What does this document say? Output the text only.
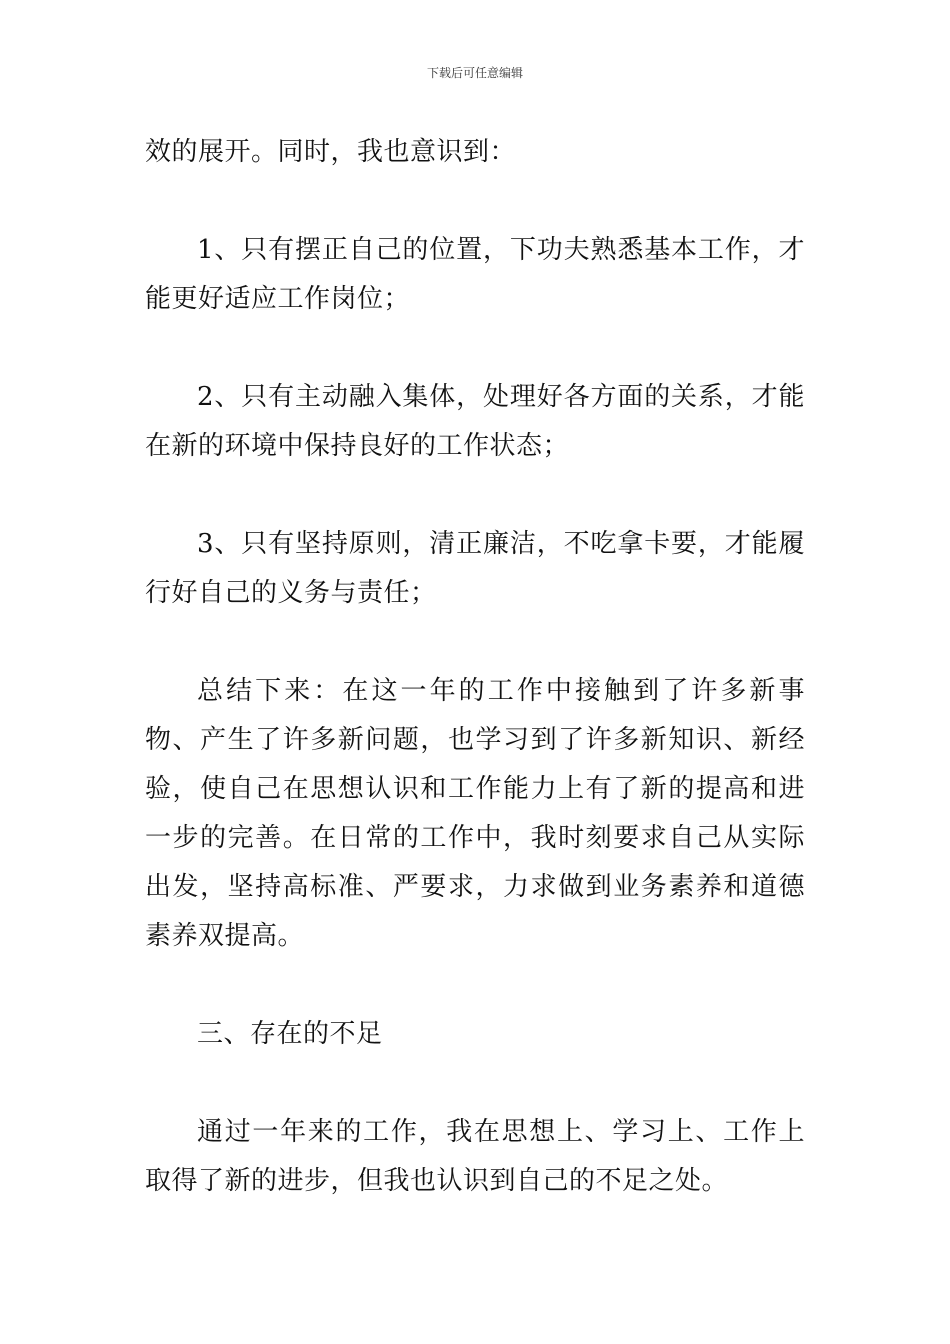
下载后可任意编辑

效的展开。同时，我也意识到：

1、只有摆正自己的位置，下功夫熟悉基本工作，才能更好适应工作岗位；

2、只有主动融入集体，处理好各方面的关系，才能在新的环境中保持良好的工作状态；

3、只有坚持原则，清正廉洁，不吃拿卡要，才能履行好自己的义务与责任；

总结下来：在这一年的工作中接触到了许多新事物、产生了许多新问题，也学习到了许多新知识、新经验，使自己在思想认识和工作能力上有了新的提高和进一步的完善。在日常的工作中，我时刻要求自己从实际出发，坚持高标准、严要求，力求做到业务素养和道德素养双提高。

三、存在的不足

通过一年来的工作，我在思想上、学习上、工作上取得了新的进步，但我也认识到自己的不足之处。
